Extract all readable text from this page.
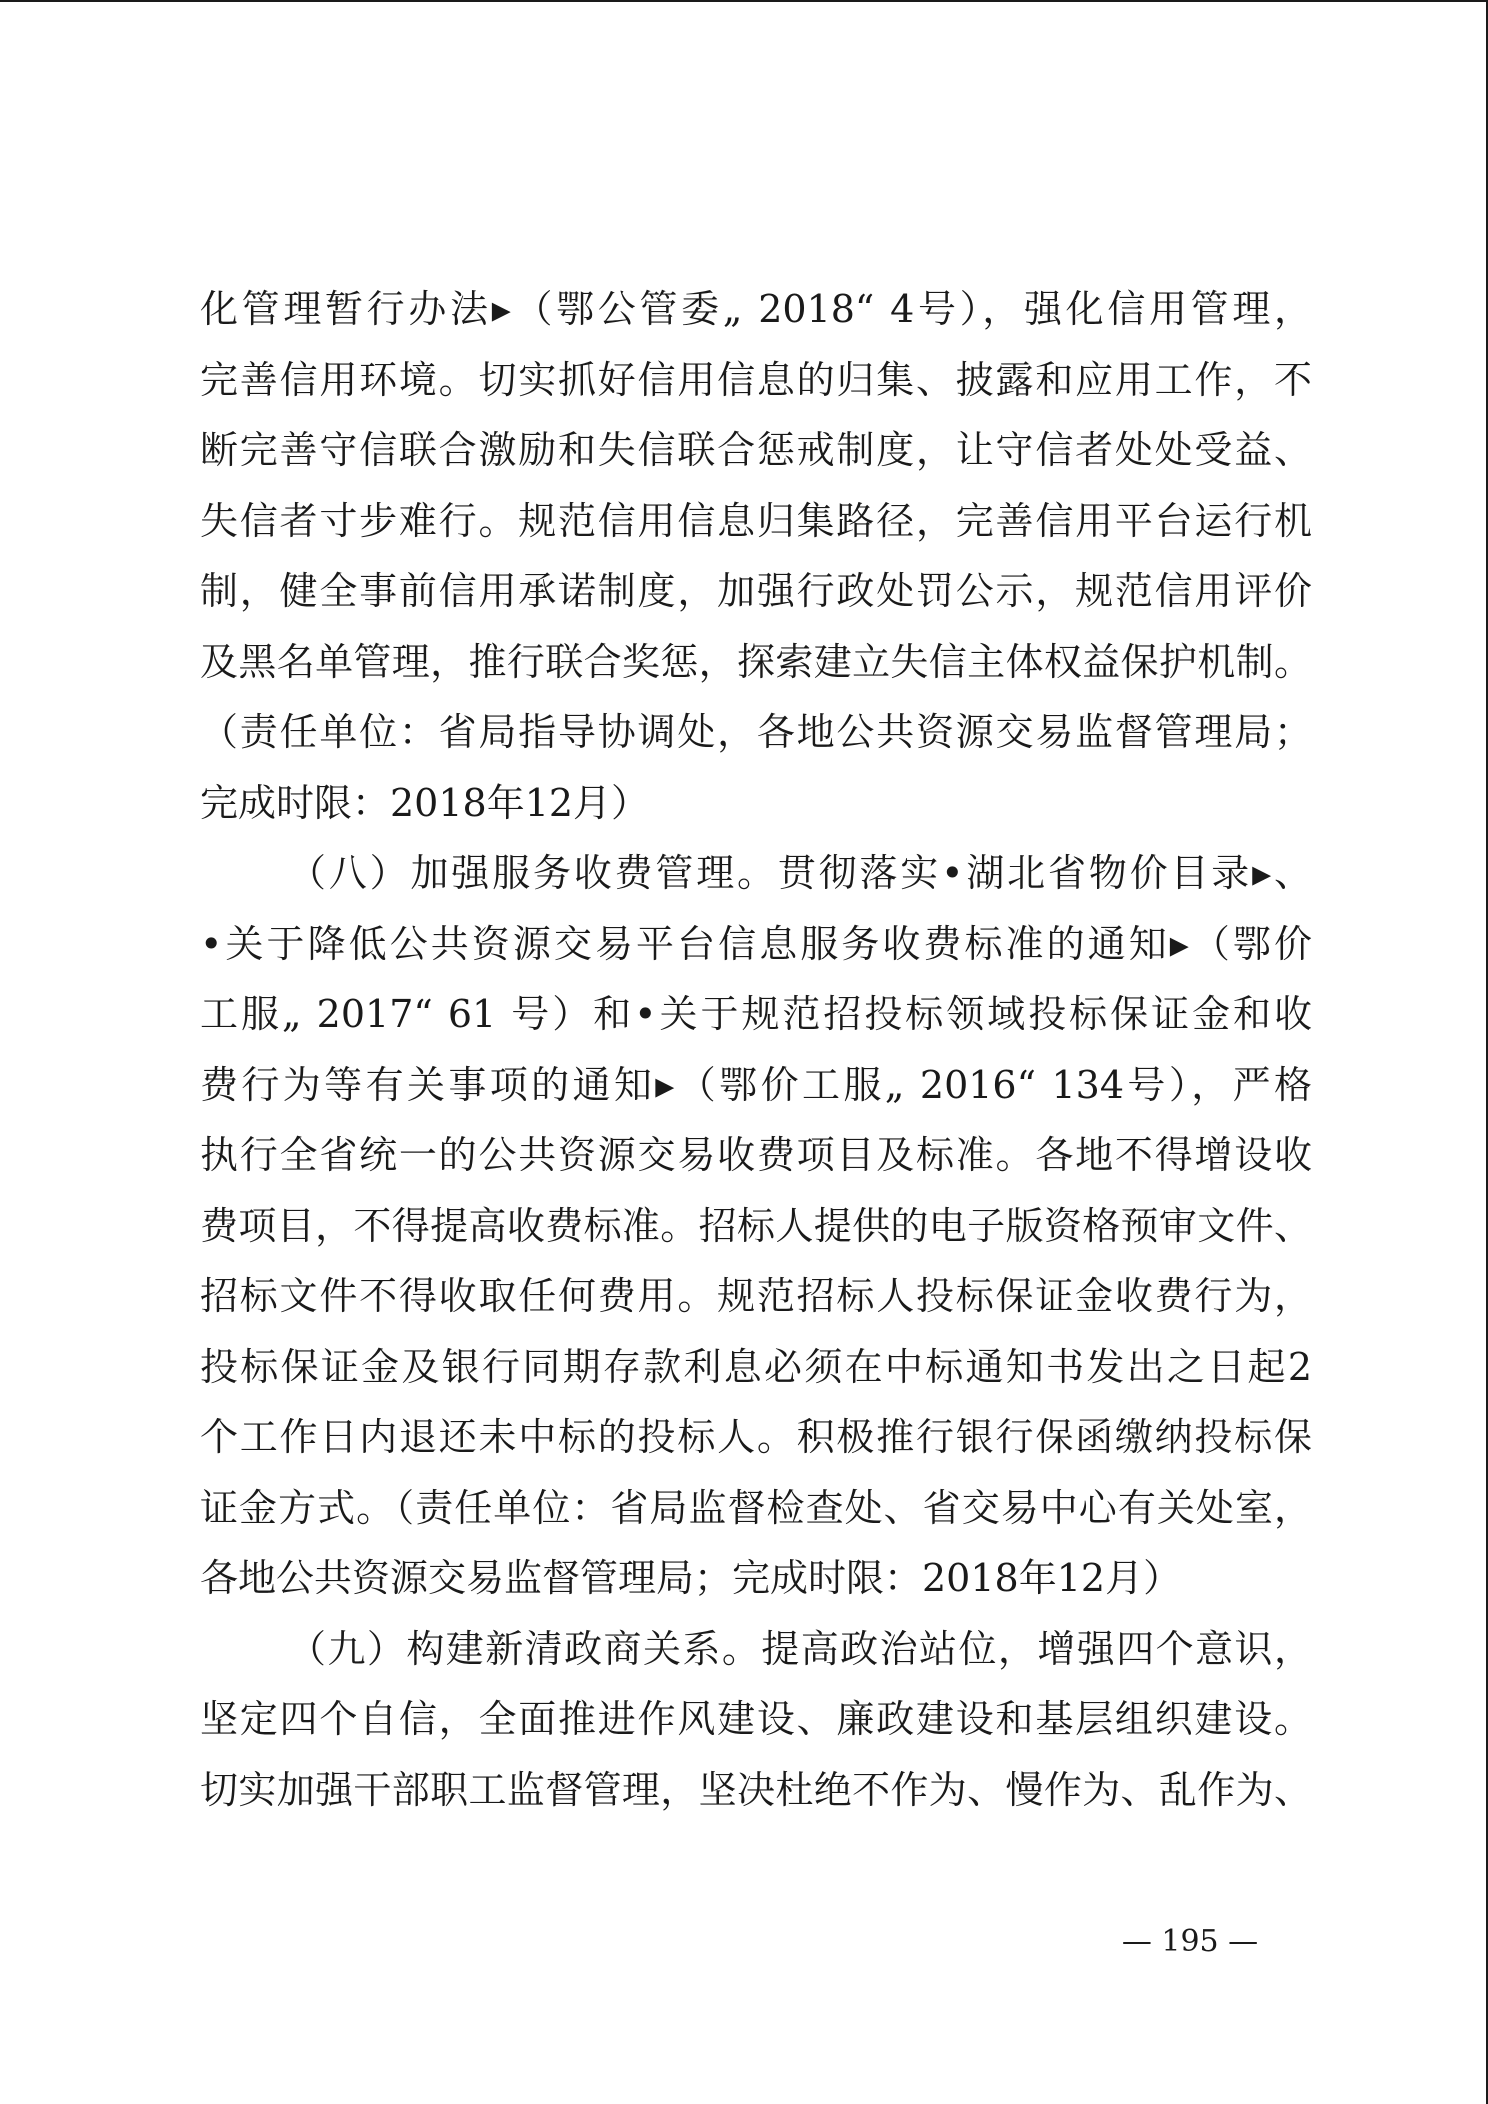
化管理暂行办法▸（鄂公管委„ 2018“ 4号），强化信用管理，
完善信用环境。切实抓好信用信息的归集、披露和应用工作，不
断完善守信联合激励和失信联合惩戒制度，让守信者处处受益、
失信者寸步难行。规范信用信息归集路径，完善信用平台运行机
制，健全事前信用承诺制度，加强行政处罚公示，规范信用评价
及黑名单管理，推行联合奖惩，探索建立失信主体权益保护机制。
（责任单位：省局指导协调处，各地公共资源交易监督管理局；
完成时限：2018年12月）
（八）加强服务收费管理。贯彻落实•湖北省物价目录▸、
•关于降低公共资源交易平台信息服务收费标准的通知▸（鄂价
工服„ 2017“ 61 号）和•关于规范招投标领域投标保证金和收
费行为等有关事项的通知▸（鄂价工服„ 2016“ 134号），严格
执行全省统一的公共资源交易收费项目及标准。各地不得增设收
费项目，不得提高收费标准。招标人提供的电子版资格预审文件、
招标文件不得收取任何费用。规范招标人投标保证金收费行为，
投标保证金及银行同期存款利息必须在中标通知书发出之日起2
个工作日内退还未中标的投标人。积极推行银行保函缴纳投标保
证金方式。（责任单位：省局监督检查处、省交易中心有关处室，
各地公共资源交易监督管理局；完成时限：2018年12月）
（九）构建新清政商关系。提高政治站位，增强四个意识，
坚定四个自信，全面推进作风建设、廉政建设和基层组织建设。
切实加强干部职工监督管理，坚决杜绝不作为、慢作为、乱作为、
— 195 —
